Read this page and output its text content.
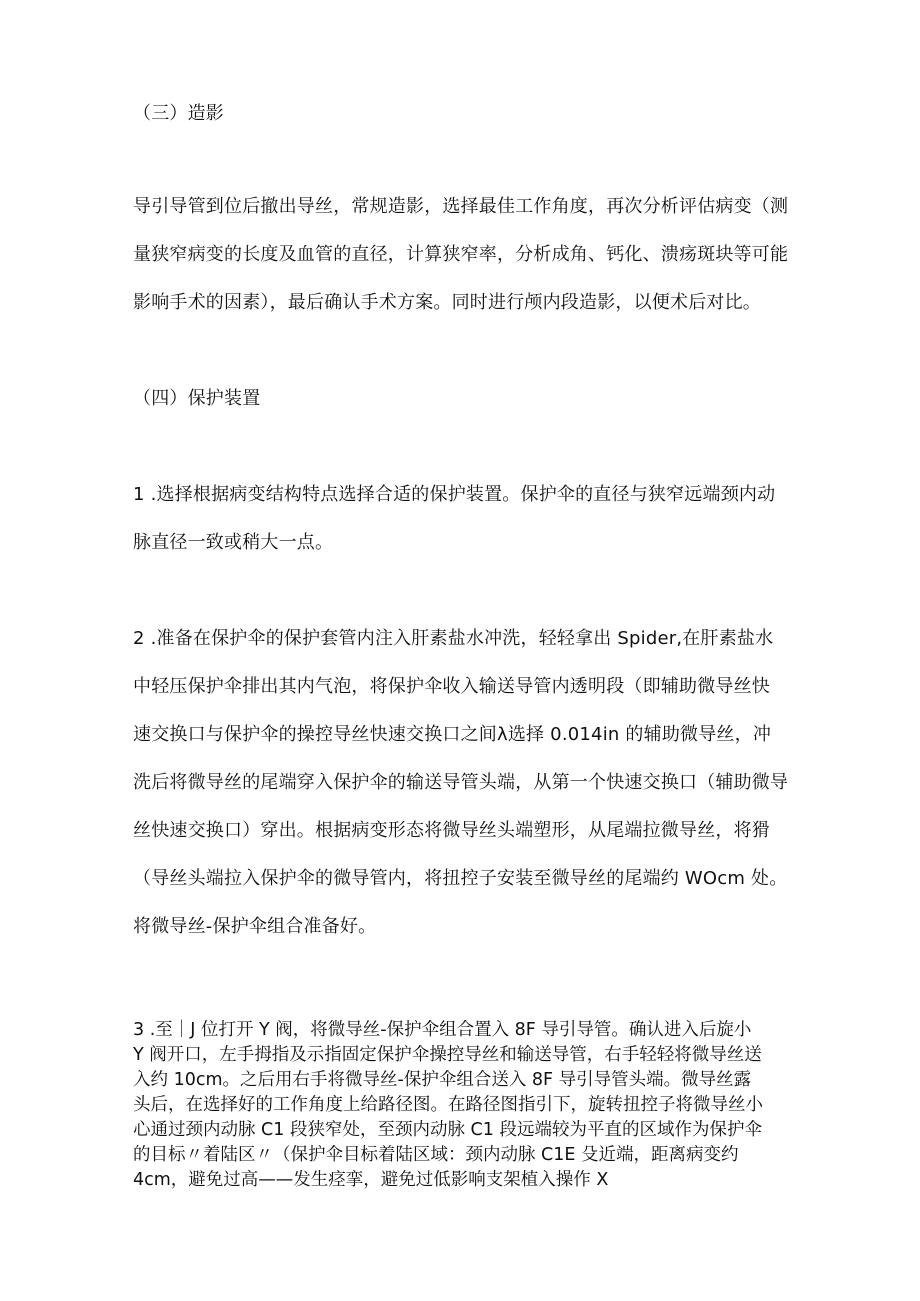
（三）造影
导引导管到位后撤出导丝，常规造影，选择最佳工作角度，再次分析评估病变（测
量狭窄病变的长度及血管的直径，计算狭窄率，分析成角、钙化、溃疡斑块等可能
影响手术的因素），最后确认手术方案。同时进行颅内段造影，以便术后对比。
（四）保护装置
1 .选择根据病变结构特点选择合适的保护装置。保护伞的直径与狭窄远端颈内动
脉直径一致或稍大一点。
2 .准备在保护伞的保护套管内注入肝素盐水冲洗，轻轻拿出 Spider,在肝素盐水
中轻压保护伞排出其内气泡，将保护伞收入输送导管内透明段（即辅助微导丝快
速交换口与保护伞的操控导丝快速交换口之间λ选择 0.014in 的辅助微导丝，冲
洗后将微导丝的尾端穿入保护伞的输送导管头端，从第一个快速交换口（辅助微导
丝快速交换口）穿出。根据病变形态将微导丝头端塑形，从尾端拉微导丝，将猾
（导丝头端拉入保护伞的微导管内，将扭控子安装至微导丝的尾端约 WOcm 处。
将微导丝-保护伞组合准备好。
3 .至｜J 位打开 Y 阀，将微导丝-保护伞组合置入 8F 导引导管。确认进入后旋小
Y 阀开口，左手拇指及示指固定保护伞操控导丝和输送导管，右手轻轻将微导丝送
入约 10cm。之后用右手将微导丝-保护伞组合送入 8F 导引导管头端。微导丝露
头后，在选择好的工作角度上给路径图。在路径图指引下，旋转扭控子将微导丝小
心通过颈内动脉 C1 段狭窄处，至颈内动脉 C1 段远端较为平直的区域作为保护伞
的目标〃着陆区〃（保护伞目标着陆区域：颈内动脉 C1E 殳近端，距离病变约
4cm，避免过高——发生痉挛，避免过低影响支架植入操作 X
